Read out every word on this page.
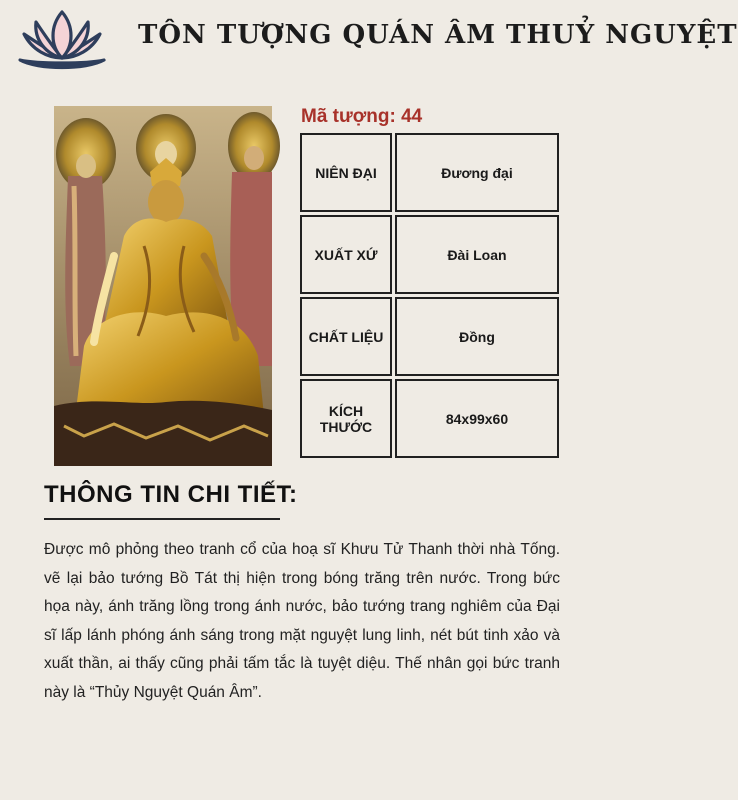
TÔN TƯỢNG QUÁN ÂM THUỶ NGUYỆT
Mã tượng: 44
NIÊN ĐẠI	Đương đại
XUẤT XỨ	Đài Loan
CHẤT LIỆU	Đồng
KÍCH THƯỚC	84x99x60
THÔNG TIN CHI TIẾT:
Được mô phỏng theo tranh cổ của hoạ sĩ Khưu Tử Thanh thời nhà Tống. vẽ lại bảo tướng Bồ Tát thị hiện trong bóng trăng trên nước. Trong bức họa này, ánh trăng lồng trong ánh nước, bảo tướng trang nghiêm của Đại sĩ lấp lánh phóng ánh sáng trong mặt nguyệt lung linh, nét bút tinh xảo và xuất thần, ai thấy cũng phải tấm tắc là tuyệt diệu. Thế nhân gọi bức tranh này là “Thủy Nguyệt Quán Âm”.
